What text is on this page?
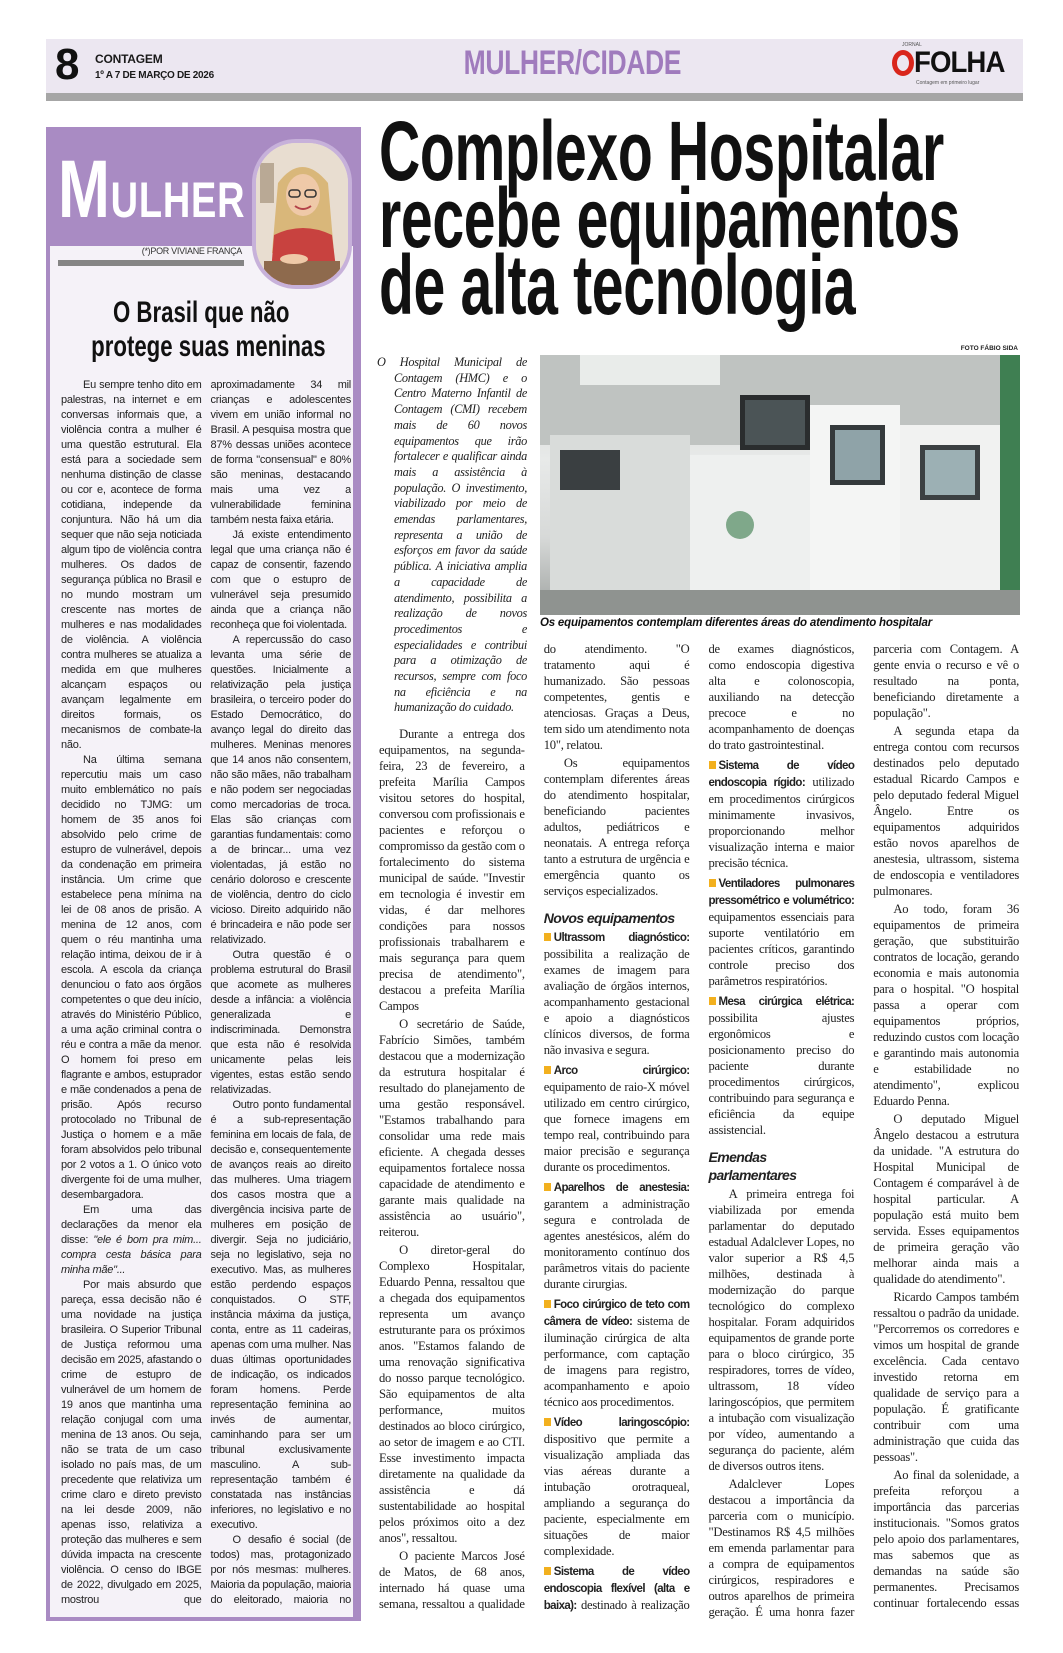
8 CONTAGEM
1º A 7 DE MARÇO DE 2026	MULHER/CIDADE	JORNAL
FOLHA
Contagem em primeiro lugar
MULHER
(*)POR VIVIANE FRANÇA
O Brasil que não
protege suas meninas

Eu sempre tenho dito em palestras, na internet e em conversas informais que, a violência contra a mulher é uma questão estrutural. Ela está para a sociedade sem nenhuma distinção de classe ou cor e, acontece de forma cotidiana, independe da conjuntura. Não há um dia sequer que não seja noticiada algum tipo de violência contra mulheres. Os dados de segurança pública no Brasil e no mundo mostram um crescente nas mortes de mulheres e nas modalidades de violência. A violência contra mulheres se atualiza a medida em que mulheres alcançam espaços ou avançam legalmente em direitos formais, os mecanismos de combate-la não.

Na última semana repercutiu mais um caso muito emblemático no país decidido no TJMG: um homem de 35 anos foi absolvido pelo crime de estupro de vulnerável, depois da condenação em primeira instância. Um crime que estabelece pena mínima na lei de 08 anos de prisão. A menina de 12 anos, com quem o réu mantinha uma relação intima, deixou de ir à escola. A escola da criança denunciou o fato aos órgãos competentes o que deu início, através do Ministério Público, a uma ação criminal contra o réu e contra a mãe da menor. O homem foi preso em flagrante e ambos, estuprador e mãe condenados a pena de prisão. Após recurso protocolado no Tribunal de Justiça o homem e a mãe foram absolvidos pelo tribunal por 2 votos a 1. O único voto divergente foi de uma mulher, desembargadora.

Em uma das declarações da menor ela disse: "ele é bom pra mim... compra cesta básica para minha mãe"...

Por mais absurdo que pareça, essa decisão não é uma novidade na justiça brasileira. O Superior Tribunal de Justiça reformou uma decisão em 2025, afastando o crime de estupro de vulnerável de um homem de 19 anos que mantinha uma relação conjugal com uma menina de 13 anos. Ou seja, não se trata de um caso isolado no país mas, de um precedente que relativiza um crime claro e direto previsto na lei desde 2009, não apenas isso, relativiza a proteção das mulheres e sem dúvida impacta na crescente violência. O censo do IBGE de 2022, divulgado em 2025, mostrou que aproximadamente 34 mil crianças e adolescentes vivem em união informal no Brasil. A pesquisa mostra que 87% dessas uniões acontece de forma "consensual" e 80% são meninas, destacando mais uma vez a vulnerabilidade feminina também nesta faixa etária.

Já existe entendimento legal que uma criança não é capaz de consentir, fazendo com que o estupro de vulnerável seja presumido ainda que a criança não reconheça que foi violentada.

A repercussão do caso levanta uma série de questões. Inicialmente a relativização pela justiça brasileira, o terceiro poder do Estado Democrático, do avanço legal do direito das mulheres. Meninas menores que 14 anos não consentem, não são mães, não trabalham e não podem ser negociadas como mercadorias de troca. Elas são crianças com garantias fundamentais: como a de brincar... uma vez violentadas, já estão no cenário doloroso e crescente de violência, dentro do ciclo vicioso. Direito adquirido não é brincadeira e não pode ser relativizado.

Outra questão é o problema estrutural do Brasil que acomete as mulheres desde a infância: a violência generalizada e indiscriminada. Demonstra que esta não é resolvida unicamente pelas leis vigentes, estas estão sendo relativizadas.

Outro ponto fundamental é a sub-representação feminina em locais de fala, de decisão e, consequentemente de avanços reais ao direito das mulheres. Uma triagem dos casos mostra que a divergência incisiva parte de mulheres em posição de divergir. Seja no judiciário, seja no legislativo, seja no executivo. Mas, as mulheres estão perdendo espaços conquistados. O STF, instância máxima da justiça, conta, entre as 11 cadeiras, apenas com uma mulher. Nas duas últimas oportunidades de indicação, os indicados foram homens. Perde representação feminina ao invés de aumentar, caminhando para ser um tribunal exclusivamente masculino. A sub-representação também é constatada nas instâncias inferiores, no legislativo e no executivo.

O desafio é social (de todos) mas, protagonizado por nós mesmas: mulheres. Maioria da população, maioria do eleitorado, maioria no

Complexo Hospitalar
recebe equipamentos
de alta tecnologia
FOTO FÁBIO SIDA
Os equipamentos contemplam diferentes áreas do atendimento hospitalar
O Hospital Municipal de Contagem (HMC) e o Centro Materno Infantil de Contagem (CMI) recebem mais de 60 novos equipamentos que irão fortalecer e qualificar ainda mais a assistência à população. O investimento, viabilizado por meio de emendas parlamentares, representa a união de esforços em favor da saúde pública. A iniciativa amplia a capacidade de atendimento, possibilita a realização de novos procedimentos e especialidades e contribui para a otimização de recursos, sempre com foco na eficiência e na humanização do cuidado.

Durante a entrega dos equipamentos, na segunda-feira, 23 de fevereiro, a prefeita Marília Campos visitou setores do hospital, conversou com profissionais e pacientes e reforçou o compromisso da gestão com o fortalecimento do sistema municipal de saúde. "Investir em tecnologia é investir em vidas, é dar melhores condições para nossos profissionais trabalharem e mais segurança para quem precisa de atendimento", destacou a prefeita Marília Campos

O secretário de Saúde, Fabrício Simões, também destacou que a modernização da estrutura hospitalar é resultado do planejamento de uma gestão responsável. "Estamos trabalhando para consolidar uma rede mais eficiente. A chegada desses equipamentos fortalece nossa capacidade de atendimento e garante mais qualidade na assistência ao usuário", reiterou.

O diretor-geral do Complexo Hospitalar, Eduardo Penna, ressaltou que a chegada dos equipamentos representa um avanço estruturante para os próximos anos. "Estamos falando de uma renovação significativa do nosso parque tecnológico. São equipamentos de alta performance, muitos destinados ao bloco cirúrgico, ao setor de imagem e ao CTI. Esse investimento impacta diretamente na qualidade da assistência e dá sustentabilidade ao hospital pelos próximos oito a dez anos", ressaltou.

O paciente Marcos José de Matos, de 68 anos, internado há quase uma semana, ressaltou a qualidade do atendimento. "O tratamento aqui é humanizado. São pessoas competentes, gentis e atenciosas. Graças a Deus, tem sido um atendimento nota 10", relatou.

Os equipamentos contemplam diferentes áreas do atendimento hospitalar, beneficiando pacientes adultos, pediátricos e neonatais. A entrega reforça tanto a estrutura de urgência e emergência quanto os serviços especializados.

Novos equipamentos

Ultrassom diagnóstico: possibilita a realização de exames de imagem para avaliação de órgãos internos, acompanhamento gestacional e apoio a diagnósticos clínicos diversos, de forma não invasiva e segura.

Arco cirúrgico: equipamento de raio-X móvel utilizado em centro cirúrgico, que fornece imagens em tempo real, contribuindo para maior precisão e segurança durante os procedimentos.

Aparelhos de anestesia: garantem a administração segura e controlada de agentes anestésicos, além do monitoramento contínuo dos parâmetros vitais do paciente durante cirurgias.

Foco cirúrgico de teto com câmera de vídeo: sistema de iluminação cirúrgica de alta performance, com captação de imagens para registro, acompanhamento e apoio técnico aos procedimentos.

Vídeo laringoscópio: dispositivo que permite a visualização ampliada das vias aéreas durante a intubação orotraqueal, ampliando a segurança do paciente, especialmente em situações de maior complexidade.

Sistema de vídeo endoscopia flexível (alta e baixa): destinado à realização de exames diagnósticos, como endoscopia digestiva alta e colonoscopia, auxiliando na detecção precoce e no acompanhamento de doenças do trato gastrointestinal.

Sistema de vídeo endoscopia rígido: utilizado em procedimentos cirúrgicos minimamente invasivos, proporcionando melhor visualização interna e maior precisão técnica.

Ventiladores pulmonares pressométrico e volumétrico: equipamentos essenciais para suporte ventilatório em pacientes críticos, garantindo controle preciso dos parâmetros respiratórios.

Mesa cirúrgica elétrica: possibilita ajustes ergonômicos e posicionamento preciso do paciente durante procedimentos cirúrgicos, contribuindo para segurança e eficiência da equipe assistencial.

Emendas parlamentares

A primeira entrega foi viabilizada por emenda parlamentar do deputado estadual Adalclever Lopes, no valor superior a R$ 4,5 milhões, destinada à modernização do parque tecnológico do complexo hospitalar. Foram adquiridos equipamentos de grande porte para o bloco cirúrgico, 35 respiradores, torres de vídeo, ultrassom, 18 vídeo laringoscópios, que permitem a intubação com visualização por vídeo, aumentando a segurança do paciente, além de diversos outros itens.

Adalclever Lopes destacou a importância da parceria com o município. "Destinamos R$ 4,5 milhões em emenda parlamentar para a compra de equipamentos cirúrgicos, respiradores e outros aparelhos de primeira geração. É uma honra fazer parceria com Contagem. A gente envia o recurso e vê o resultado na ponta, beneficiando diretamente a população".

A segunda etapa da entrega contou com recursos destinados pelo deputado estadual Ricardo Campos e pelo deputado federal Miguel Ângelo. Entre os equipamentos adquiridos estão novos aparelhos de anestesia, ultrassom, sistema de endoscopia e ventiladores pulmonares.

Ao todo, foram 36 equipamentos de primeira geração, que substituirão contratos de locação, gerando economia e mais autonomia para o hospital. "O hospital passa a operar com equipamentos próprios, reduzindo custos com locação e garantindo mais autonomia e estabilidade no atendimento", explicou Eduardo Penna.

O deputado Miguel Ângelo destacou a estrutura da unidade. "A estrutura do Hospital Municipal de Contagem é comparável à de hospital particular. A população está muito bem servida. Esses equipamentos de primeira geração vão melhorar ainda mais a qualidade do atendimento".

Ricardo Campos também ressaltou o padrão da unidade. "Percorremos os corredores e vimos um hospital de grande excelência. Cada centavo investido retorna em qualidade de serviço para a população. É gratificante contribuir com uma administração que cuida das pessoas".

Ao final da solenidade, a prefeita reforçou a importância das parcerias institucionais. "Somos gratos pelo apoio dos parlamentares, mas sabemos que as demandas na saúde são permanentes. Precisamos continuar fortalecendo essas
